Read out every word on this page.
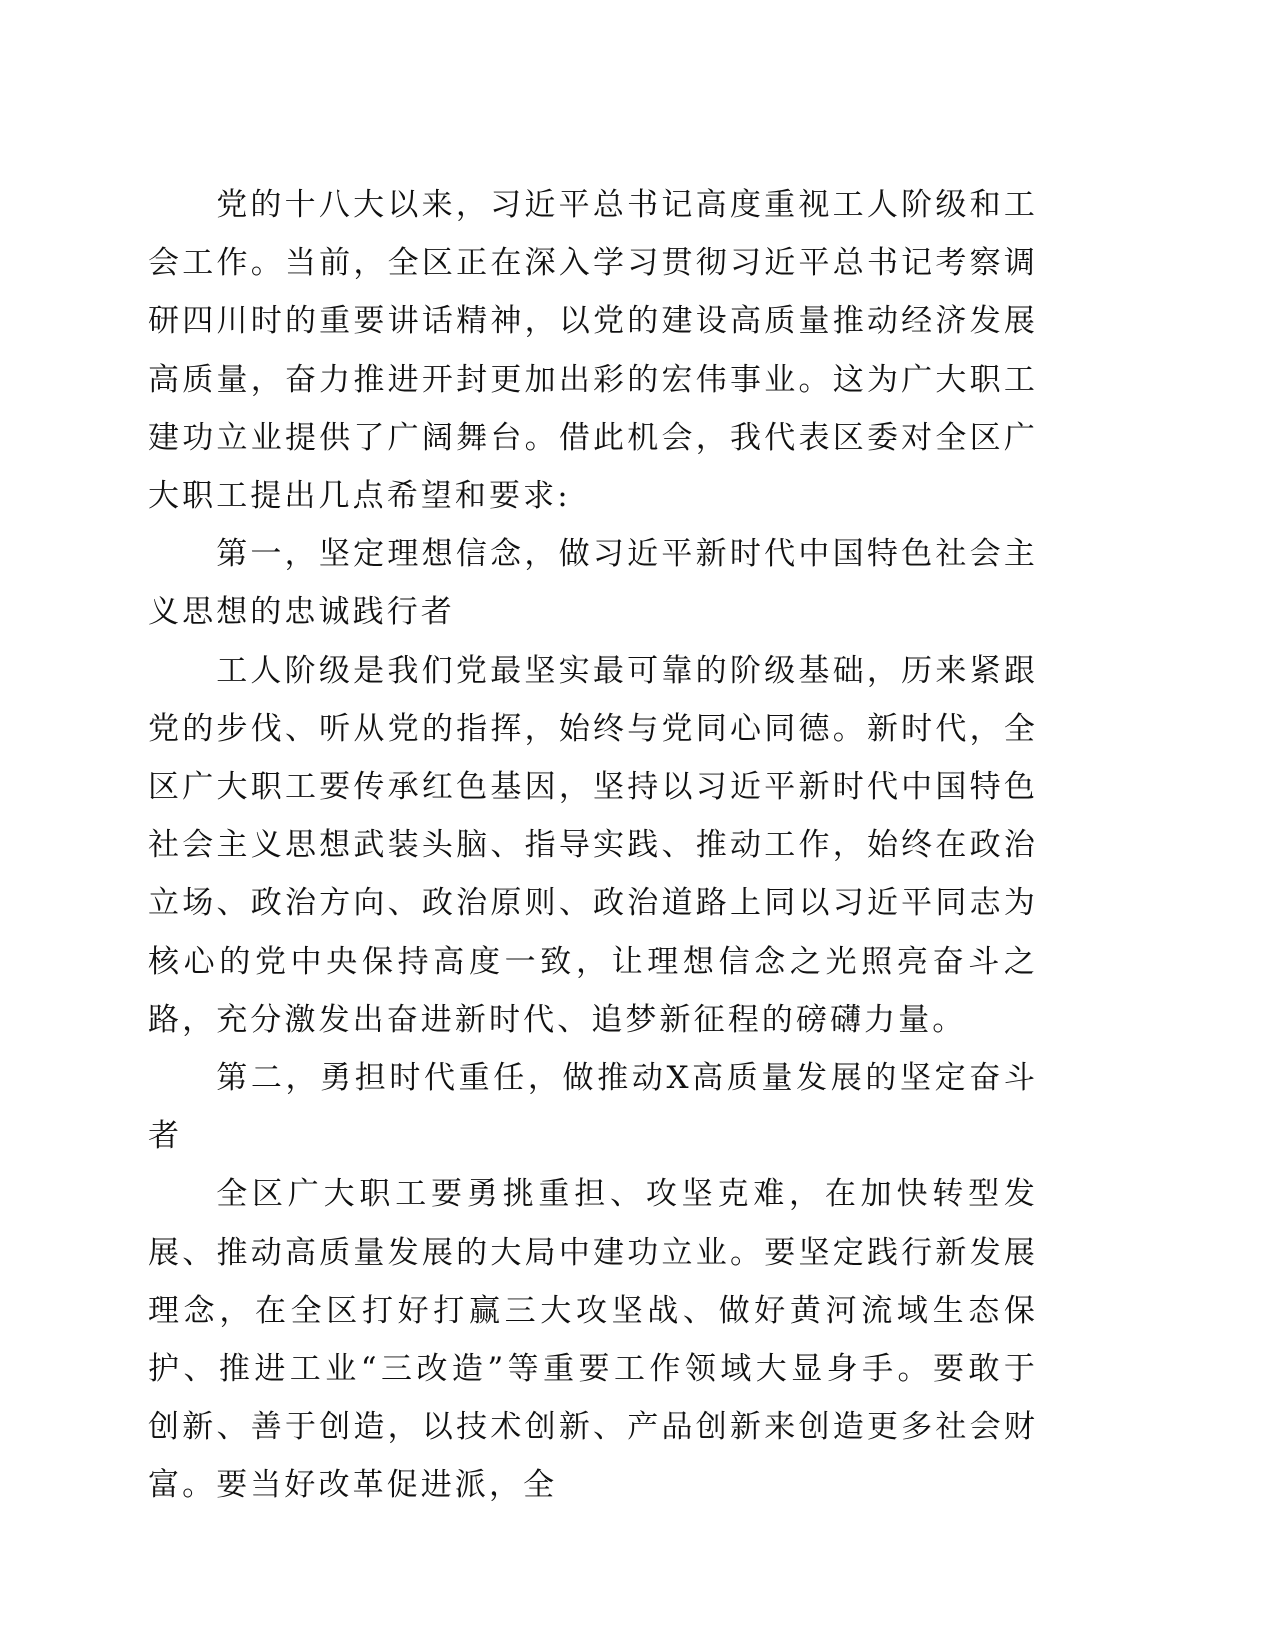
党的十八大以来，习近平总书记高度重视工人阶级和工会工作。当前，全区正在深入学习贯彻习近平总书记考察调研四川时的重要讲话精神，以党的建设高质量推动经济发展高质量，奋力推进开封更加出彩的宏伟事业。这为广大职工建功立业提供了广阔舞台。借此机会，我代表区委对全区广大职工提出几点希望和要求:

第一，坚定理想信念，做习近平新时代中国特色社会主义思想的忠诚践行者

工人阶级是我们党最坚实最可靠的阶级基础，历来紧跟党的步伐、听从党的指挥，始终与党同心同德。新时代，全区广大职工要传承红色基因，坚持以习近平新时代中国特色社会主义思想武装头脑、指导实践、推动工作，始终在政治立场、政治方向、政治原则、政治道路上同以习近平同志为核心的党中央保持高度一致，让理想信念之光照亮奋斗之路，充分激发出奋进新时代、追梦新征程的磅礴力量。

第二，勇担时代重任，做推动X高质量发展的坚定奋斗者

全区广大职工要勇挑重担、攻坚克难，在加快转型发展、推动高质量发展的大局中建功立业。要坚定践行新发展理念，在全区打好打赢三大攻坚战、做好黄河流域生态保护、推进工业“三改造”等重要工作领域大显身手。要敢于创新、善于创造，以技术创新、产品创新来创造更多社会财富。要当好改革促进派，全
